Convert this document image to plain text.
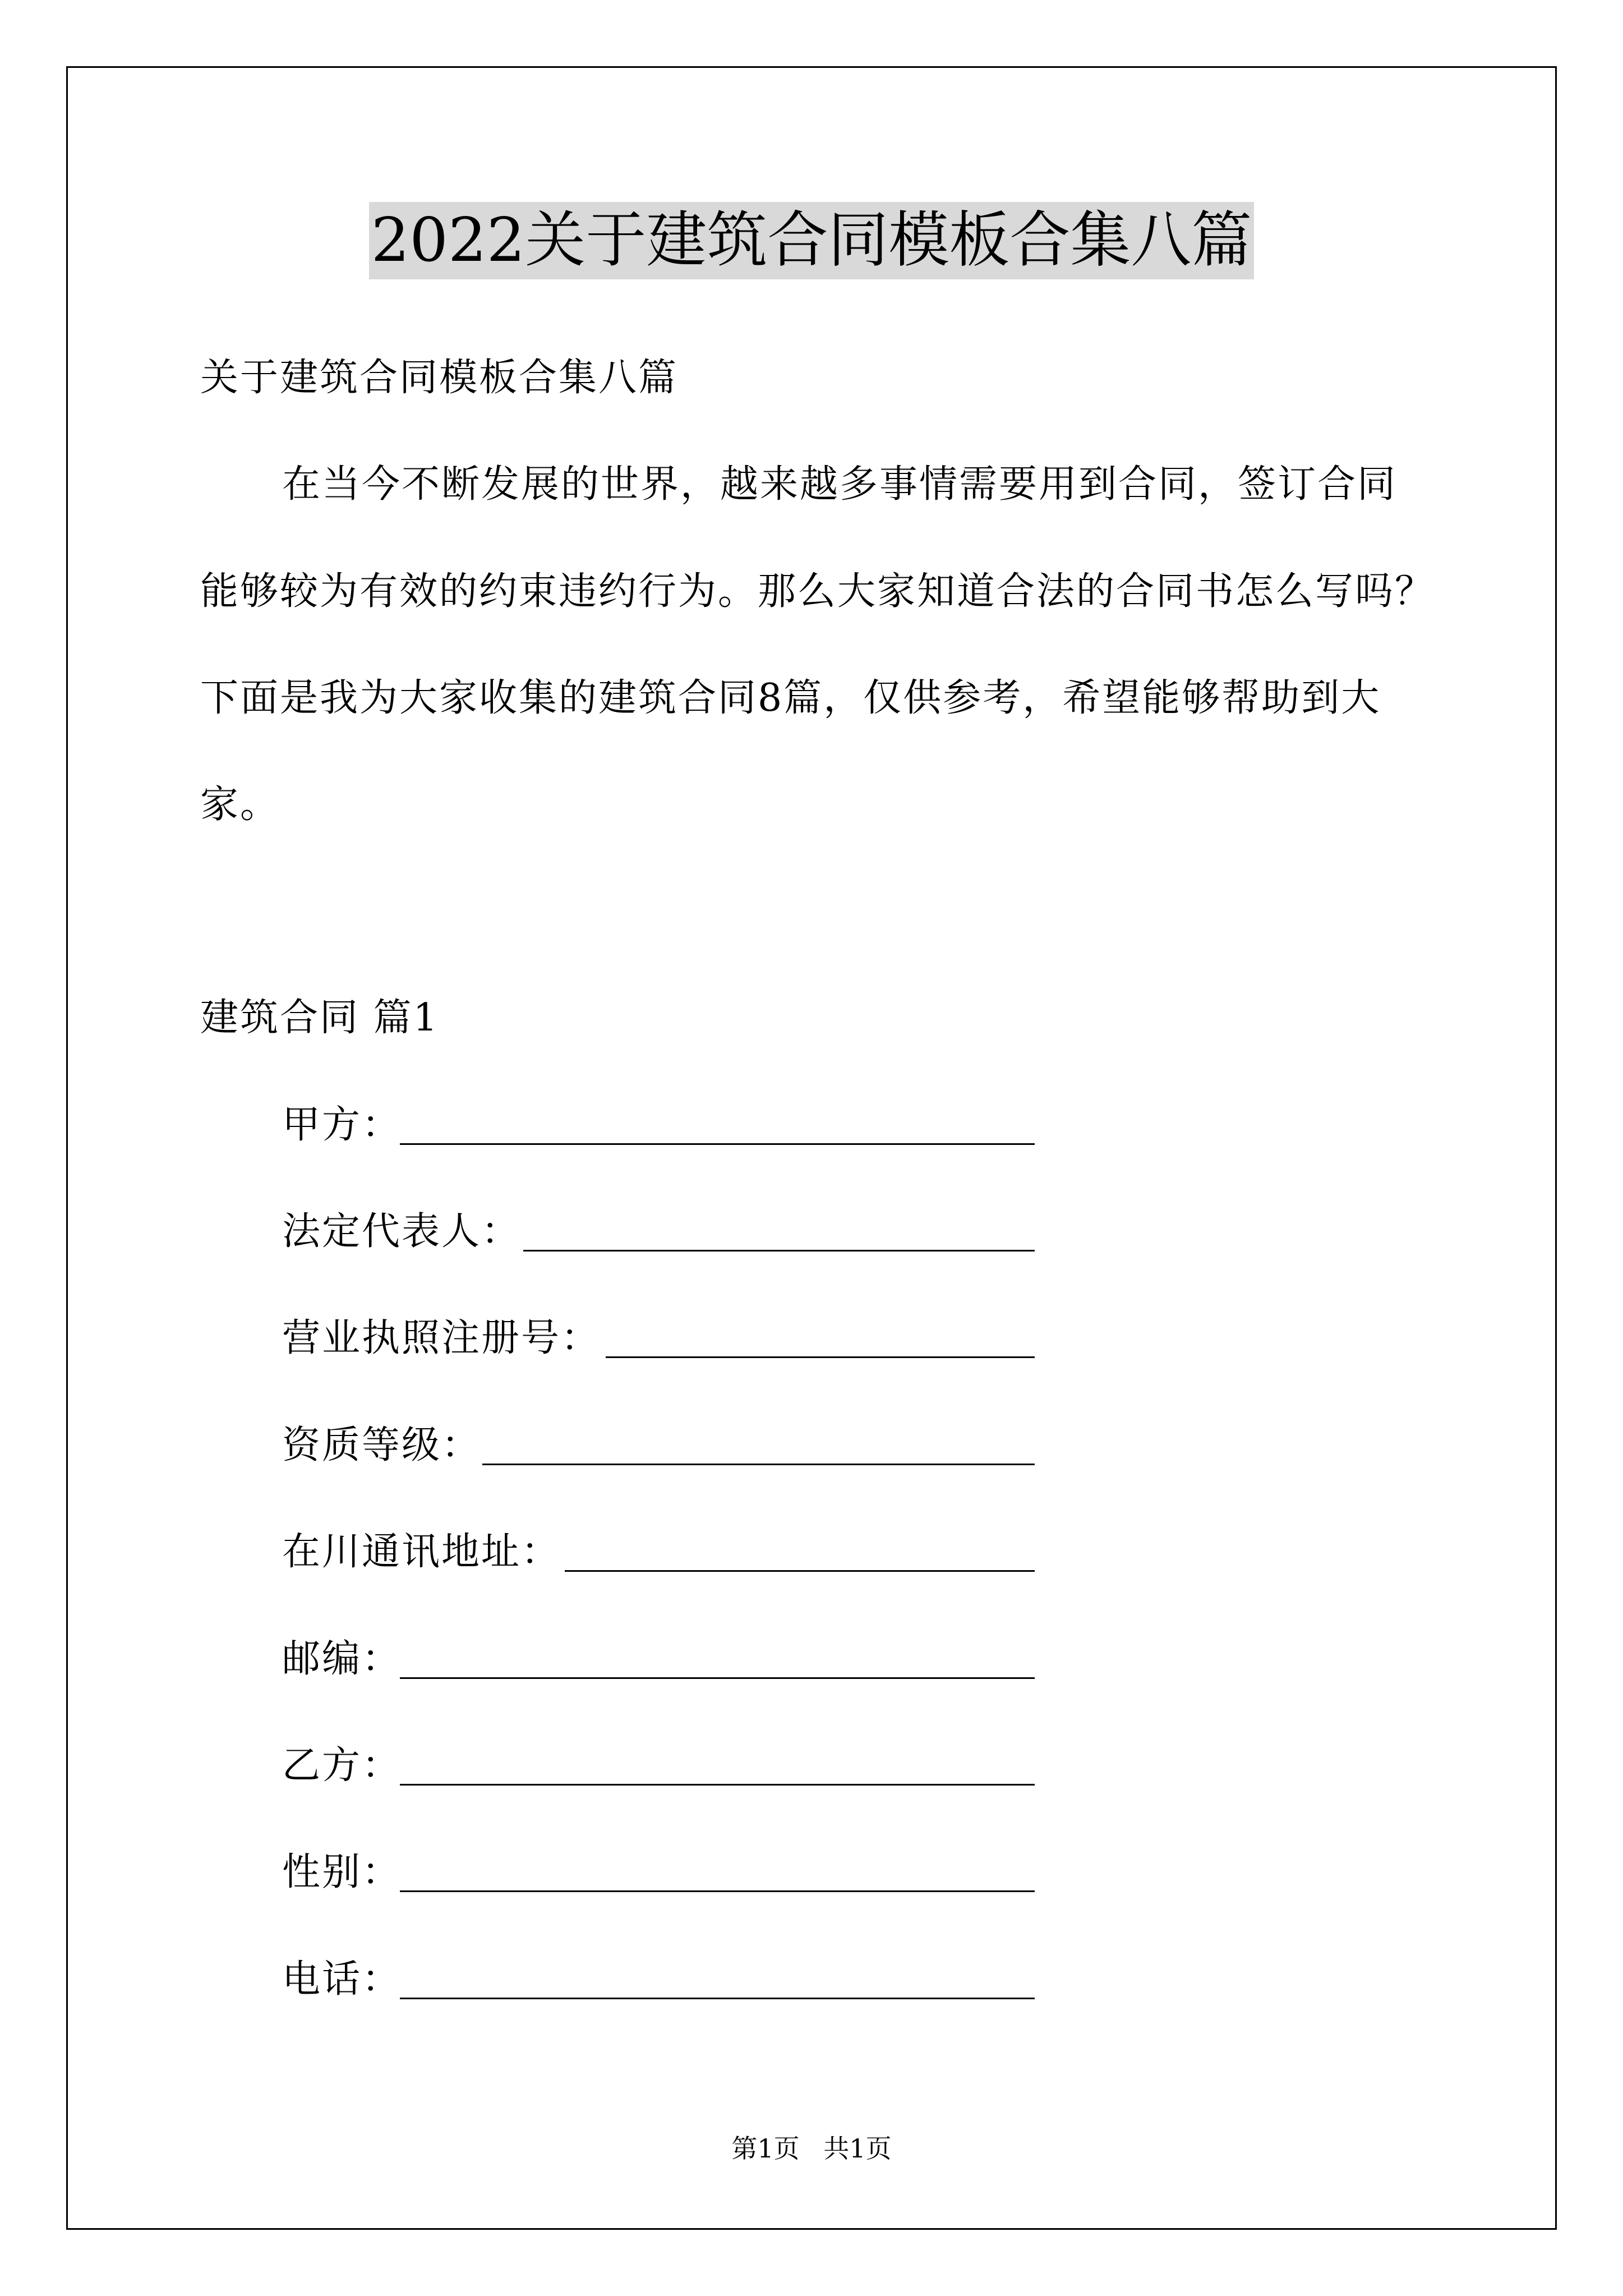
2022关于建筑合同模板合集八篇
关于建筑合同模板合集八篇
在当今不断发展的世界，越来越多事情需要用到合同，签订合同
能够较为有效的约束违约行为。那么大家知道合法的合同书怎么写吗？
下面是我为大家收集的建筑合同8篇，仅供参考，希望能够帮助到大
家。
建筑合同 篇1
甲方：
法定代表人：
营业执照注册号：
资质等级：
在川通讯地址：
邮编：
乙方：
性别：
电话：
第1页 共1页
